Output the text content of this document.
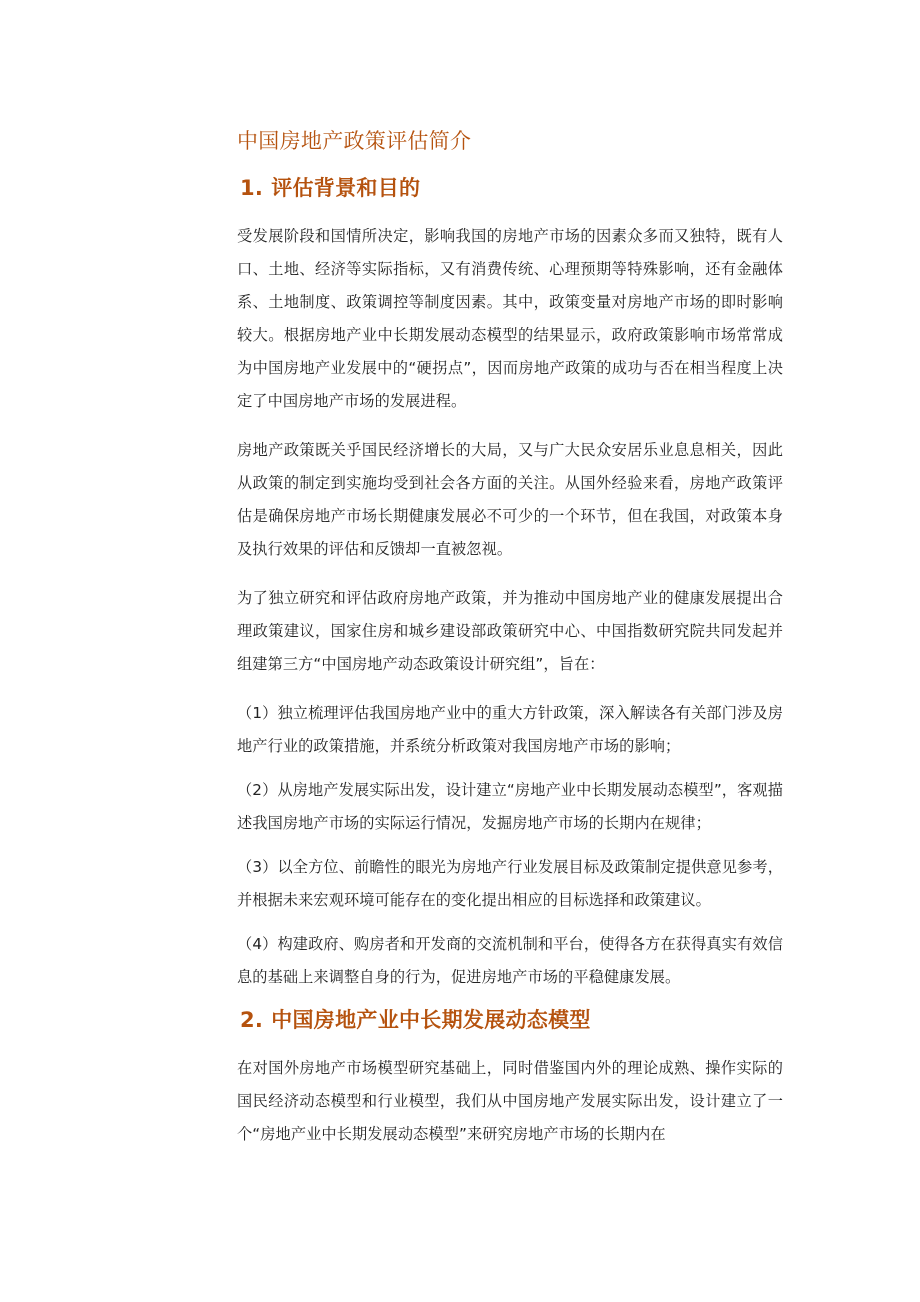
中国房地产政策评估简介
1. 评估背景和目的

受发展阶段和国情所决定，影响我国的房地产市场的因素众多而又独特，既有人口、土地、经济等实际指标，又有消费传统、心理预期等特殊影响，还有金融体系、土地制度、政策调控等制度因素。其中，政策变量对房地产市场的即时影响较大。根据房地产业中长期发展动态模型的结果显示，政府政策影响市场常常成为中国房地产业发展中的“硬拐点”，因而房地产政策的成功与否在相当程度上决定了中国房地产市场的发展进程。

房地产政策既关乎国民经济增长的大局，又与广大民众安居乐业息息相关，因此从政策的制定到实施均受到社会各方面的关注。从国外经验来看，房地产政策评估是确保房地产市场长期健康发展必不可少的一个环节，但在我国，对政策本身及执行效果的评估和反馈却一直被忽视。

为了独立研究和评估政府房地产政策，并为推动中国房地产业的健康发展提出合理政策建议，国家住房和城乡建设部政策研究中心、中国指数研究院共同发起并组建第三方“中国房地产动态政策设计研究组”，旨在：

（1）独立梳理评估我国房地产业中的重大方针政策，深入解读各有关部门涉及房地产行业的政策措施，并系统分析政策对我国房地产市场的影响；

（2）从房地产发展实际出发，设计建立“房地产业中长期发展动态模型”，客观描述我国房地产市场的实际运行情况，发掘房地产市场的长期内在规律；

（3）以全方位、前瞻性的眼光为房地产行业发展目标及政策制定提供意见参考，并根据未来宏观环境可能存在的变化提出相应的目标选择和政策建议。

（4）构建政府、购房者和开发商的交流机制和平台，使得各方在获得真实有效信息的基础上来调整自身的行为，促进房地产市场的平稳健康发展。

2. 中国房地产业中长期发展动态模型

在对国外房地产市场模型研究基础上，同时借鉴国内外的理论成熟、操作实际的国民经济动态模型和行业模型，我们从中国房地产发展实际出发，设计建立了一个“房地产业中长期发展动态模型”来研究房地产市场的长期内在
